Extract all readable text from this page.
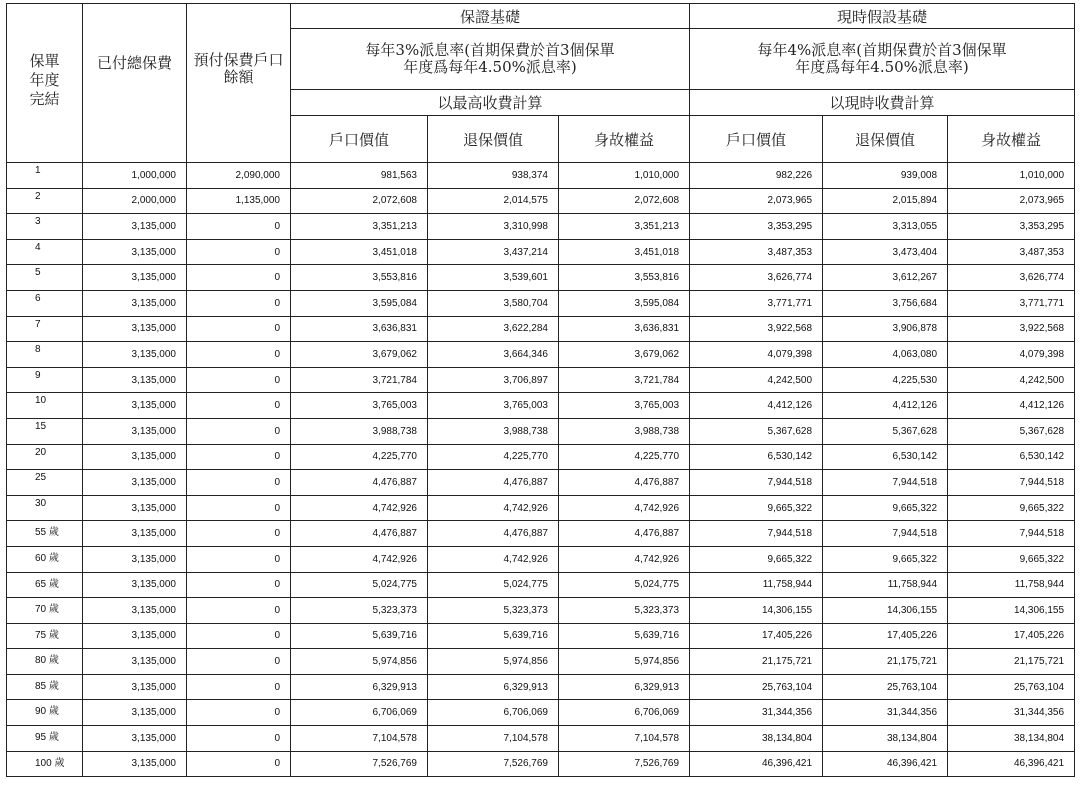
保單年度完結	已付總保費	預付保費戶口餘額	保證基礎			現時假設基礎		

			每年3%派息率(首期保費於首3個保單年度爲每年4.50%派息率)			每年4%派息率(首期保費於首3個保單年度爲每年4.50%派息率)		

			以最高收費計算			以現時收費計算		
			戶口價值	退保價值	身故權益	戶口價值	退保價值	身故權益
1	1,000,000	2,090,000	981,563	938,374	1,010,000	982,226	939,008	1,010,000
2	2,000,000	1,135,000	2,072,608	2,014,575	2,072,608	2,073,965	2,015,894	2,073,965
3	3,135,000	0	3,351,213	3,310,998	3,351,213	3,353,295	3,313,055	3,353,295
4	3,135,000	0	3,451,018	3,437,214	3,451,018	3,487,353	3,473,404	3,487,353
5	3,135,000	0	3,553,816	3,539,601	3,553,816	3,626,774	3,612,267	3,626,774
6	3,135,000	0	3,595,084	3,580,704	3,595,084	3,771,771	3,756,684	3,771,771
7	3,135,000	0	3,636,831	3,622,284	3,636,831	3,922,568	3,906,878	3,922,568
8	3,135,000	0	3,679,062	3,664,346	3,679,062	4,079,398	4,063,080	4,079,398
9	3,135,000	0	3,721,784	3,706,897	3,721,784	4,242,500	4,225,530	4,242,500
10	3,135,000	0	3,765,003	3,765,003	3,765,003	4,412,126	4,412,126	4,412,126
15	3,135,000	0	3,988,738	3,988,738	3,988,738	5,367,628	5,367,628	5,367,628
20	3,135,000	0	4,225,770	4,225,770	4,225,770	6,530,142	6,530,142	6,530,142
25	3,135,000	0	4,476,887	4,476,887	4,476,887	7,944,518	7,944,518	7,944,518
30	3,135,000	0	4,742,926	4,742,926	4,742,926	9,665,322	9,665,322	9,665,322
55 歲	3,135,000	0	4,476,887	4,476,887	4,476,887	7,944,518	7,944,518	7,944,518
60 歲	3,135,000	0	4,742,926	4,742,926	4,742,926	9,665,322	9,665,322	9,665,322
65 歲	3,135,000	0	5,024,775	5,024,775	5,024,775	11,758,944	11,758,944	11,758,944
70 歲	3,135,000	0	5,323,373	5,323,373	5,323,373	14,306,155	14,306,155	14,306,155
75 歲	3,135,000	0	5,639,716	5,639,716	5,639,716	17,405,226	17,405,226	17,405,226
80 歲	3,135,000	0	5,974,856	5,974,856	5,974,856	21,175,721	21,175,721	21,175,721
85 歲	3,135,000	0	6,329,913	6,329,913	6,329,913	25,763,104	25,763,104	25,763,104
90 歲	3,135,000	0	6,706,069	6,706,069	6,706,069	31,344,356	31,344,356	31,344,356
95 歲	3,135,000	0	7,104,578	7,104,578	7,104,578	38,134,804	38,134,804	38,134,804
100 歲	3,135,000	0	7,526,769	7,526,769	7,526,769	46,396,421	46,396,421	46,396,421
